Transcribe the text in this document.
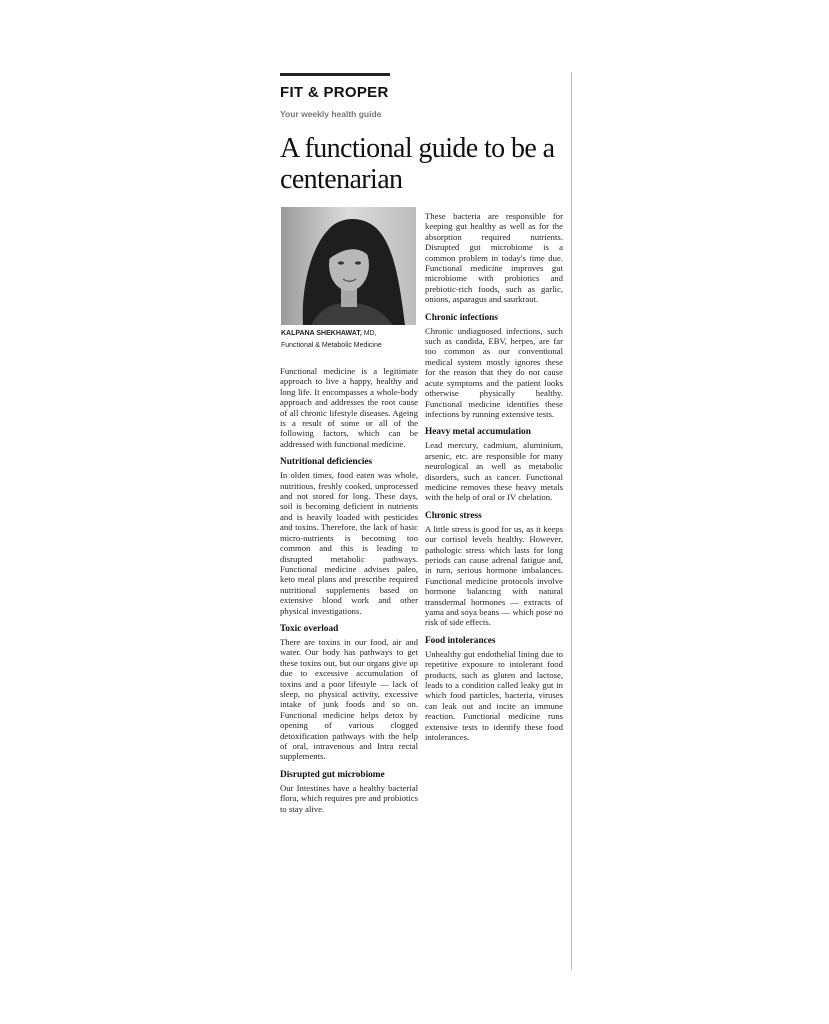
FIT & PROPER
Your weekly health guide
A functional guide to be a centenarian
KALPANA SHEKHAWAT, MD,
Functional & Metabolic Medicine

Functional medicine is a legitimate approach to live a happy, healthy and long life. It encompasses a whole-body approach and addresses the root cause of all chronic lifestyle diseases. Ageing is a result of some or all of the following factors, which can be addressed with functional medicine.

Nutritional deficiencies

In olden times, food eaten was whole, nutritious, freshly cooked, unprocessed and not stored for long. These days, soil is becoming deficient in nutrients and is heavily loaded with pesticides and toxins. Therefore, the lack of basic micro-nutrients is becoming too common and this is leading to disrupted metabolic pathways. Functional medicine advises paleo, keto meal plans and prescribe required nutritional supplements based on extensive blood work and other physical investigations.

Toxic overload

There are toxins in our food, air and water. Our body has pathways to get these toxins out, but our organs give up due to excessive accumulation of toxins and a poor lifestyle — lack of sleep, no physical activity, excessive intake of junk foods and so on. Functional medicine helps detox by opening of various clogged detoxification pathways with the help of oral, intravenous and Intra rectal supplements.

Disrupted gut microbiome

Our Intestines have a healthy bacterial flora, which requires pre and probiotics to stay alive.

These bacteria are responsible for keeping gut healthy as well as for the absorption required nutrients. Disrupted gut microbiome is a common problem in today's time due. Functional medicine improves gut microbiome with probiotics and prebiotic-rich foods, such as garlic, onions, asparagus and saurkraut.

Chronic infections

Chronic undiagnosed infections, such such as candida, EBV, herpes, are far too common as our conventional medical system mostly ignores these for the reason that they do not cause acute symptoms and the patient looks otherwise physically healthy. Functional medicine identifies these infections by running extensive tests.

Heavy metal accumulation

Lead mercury, cadmium, aluminium, arsenic, etc. are responsible for many neurological as well as metabolic disorders, such as cancer. Functional medicine removes these heavy metals with the help of oral or IV chelation.

Chronic stress

A little stress is good for us, as it keeps our cortisol levels healthy. However, pathologic stress which lasts for long periods can cause adrenal fatigue and, in turn, serious hormone imbalances. Functional medicine protocols involve hormone balancing with natural transdermal hormones — extracts of yama and soya beans — which pose no risk of side effects.

Food intolerances

Unhealthy gut endothelial lining due to repetitive exposure to intolerant food products, such as gluten and lactose, leads to a condition called leaky gut in which food particles, bacteria, viruses can leak out and incite an immune reaction. Functional medicine runs extensive tests to identify these food intolerances.
